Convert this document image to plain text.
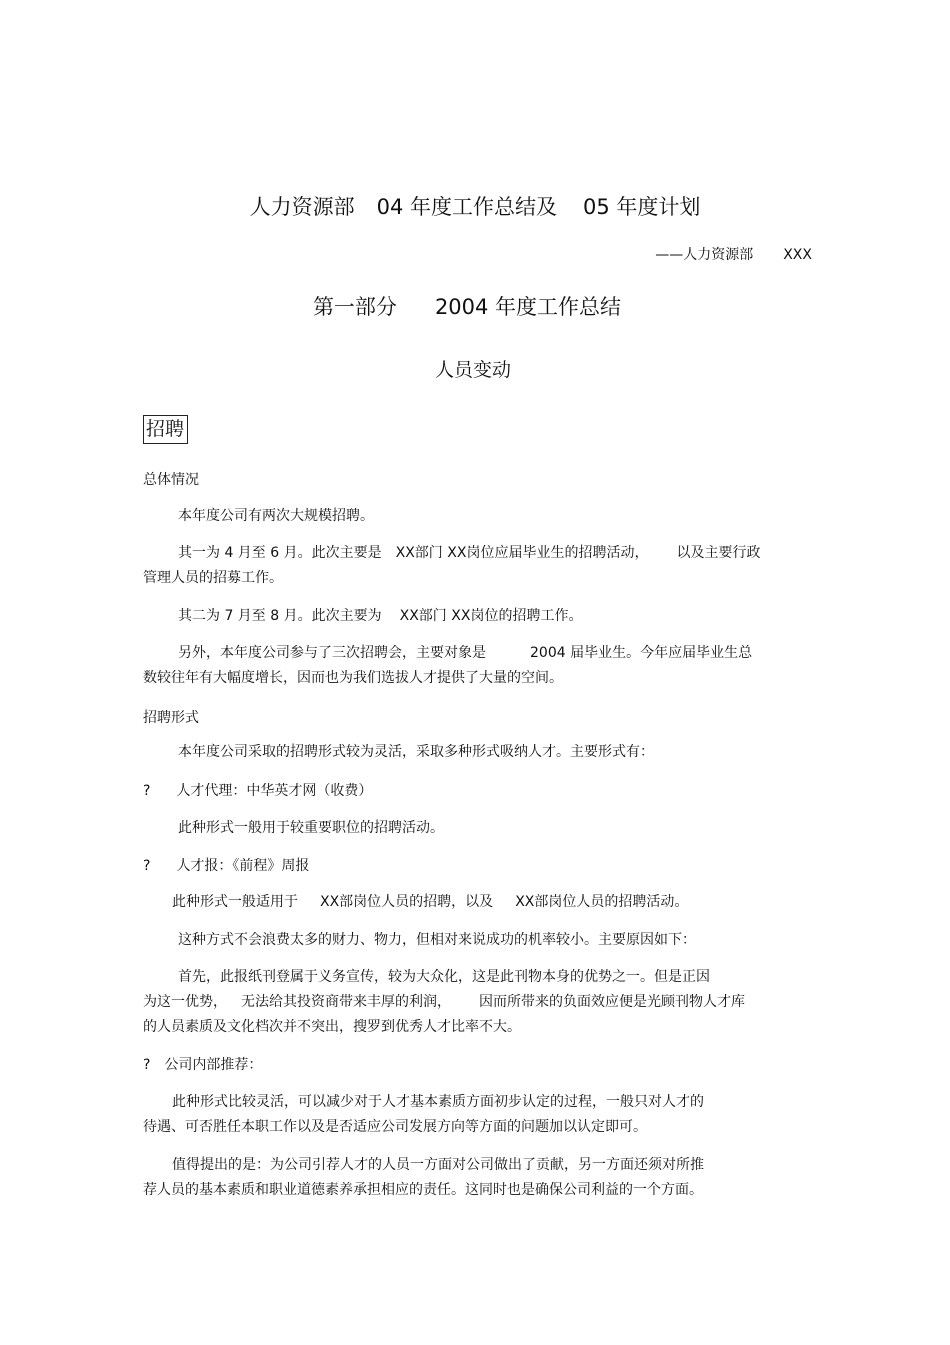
人力资源部 04 年度工作总结及 05 年度计划
——人力资源部 XXX
第一部分 2004 年度工作总结
人员变动
招聘
总体情况
本年度公司有两次大规模招聘。
其一为 4 月至 6 月。此次主要是 XX部门 XX岗位应届毕业生的招聘活动， 以及主要行政
管理人员的招募工作。
其二为 7 月至 8 月。此次主要为 XX部门 XX岗位的招聘工作。
另外，本年度公司参与了三次招聘会，主要对象是	2004 届毕业生。今年应届毕业生总
数较往年有大幅度增长，因而也为我们选拔人才提供了大量的空间。
招聘形式
本年度公司采取的招聘形式较为灵活，采取多种形式吸纳人才。主要形式有：
? 人才代理：中华英才网（收费）
此种形式一般用于较重要职位的招聘活动。
? 人才报：《前程》周报
此种形式一般适用于 XX部岗位人员的招聘，以及 XX部岗位人员的招聘活动。
这种方式不会浪费太多的财力、物力，但相对来说成功的机率较小。主要原因如下：
首先，此报纸刊登属于义务宣传，较为大众化，这是此刊物本身的优势之一。但是正因
为这一优势， 无法给其投资商带来丰厚的利润， 因而所带来的负面效应便是光顾刊物人才库
的人员素质及文化档次并不突出，搜罗到优秀人才比率不大。
? 公司内部推荐：
此种形式比较灵活，可以减少对于人才基本素质方面初步认定的过程，一般只对人才的
待遇、可否胜任本职工作以及是否适应公司发展方向等方面的问题加以认定即可。
值得提出的是：为公司引荐人才的人员一方面对公司做出了贡献，另一方面还须对所推
荐人员的基本素质和职业道德素养承担相应的责任。这同时也是确保公司利益的一个方面。
